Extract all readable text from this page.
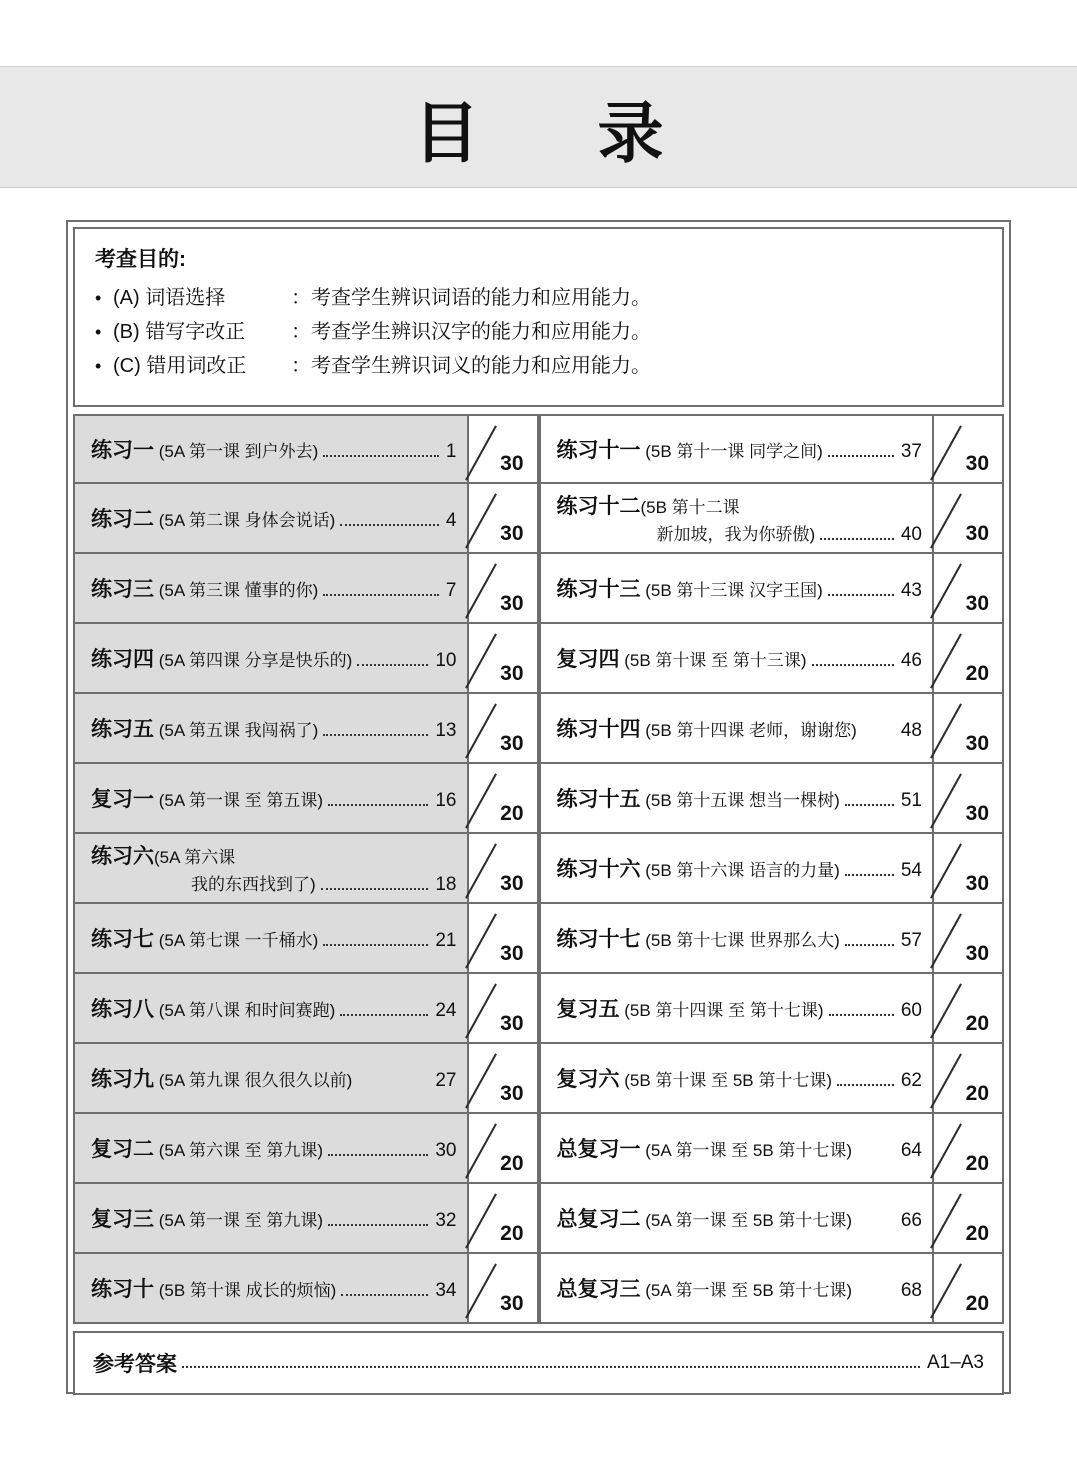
目　录
考查目的:
• (A) 词语选择	： 考查学生辨识词语的能力和应用能力。
• (B) 错写字改正	： 考查学生辨识汉字的能力和应用能力。
• (C) 错用词改正	： 考查学生辨识词义的能力和应用能力。
练习一 (5A 第一课 到户外去)	1
30
练习二 (5A 第二课 身体会说话)	4
30
练习三 (5A 第三课 懂事的你)	7
30
练习四 (5A 第四课 分享是快乐的)	10
30
练习五 (5A 第五课 我闯祸了)	13
30
复习一 (5A 第一课 至 第五课)	16
20
练习六 (5A 第六课
我的东西找到了)	18 30
练习七 (5A 第七课 一千桶水)	21
30
练习八 (5A 第八课 和时间赛跑)	24
30
练习九 (5A 第九课 很久很久以前)	27
30
复习二 (5A 第六课 至 第九课)	30
20
复习三 (5A 第一课 至 第九课)	32
20
练习十 (5B 第十课 成长的烦恼)	34
30
练习十一 (5B 第十一课 同学之间)	37
30
练习十二 (5B 第十二课
新加坡，我为你骄傲)	40 30
练习十三 (5B 第十三课 汉字王国)	43
30
复习四 (5B 第十课 至 第十三课)	46
20
练习十四 (5B 第十四课 老师，谢谢您) 48
30
练习十五 (5B 第十五课 想当一棵树)	51
30
练习十六 (5B 第十六课 语言的力量)	54
30
练习十七 (5B 第十七课 世界那么大)	57
30
复习五 (5B 第十四课 至 第十七课)	60
20
复习六 (5B 第十课 至 5B 第十七课)	62
20
总复习一 (5A 第一课 至 5B 第十七课)	64
20
总复习二 (5A 第一课 至 5B 第十七课)	66
20
总复习三 (5A 第一课 至 5B 第十七课)	68
20
参考答案	A1–A3
